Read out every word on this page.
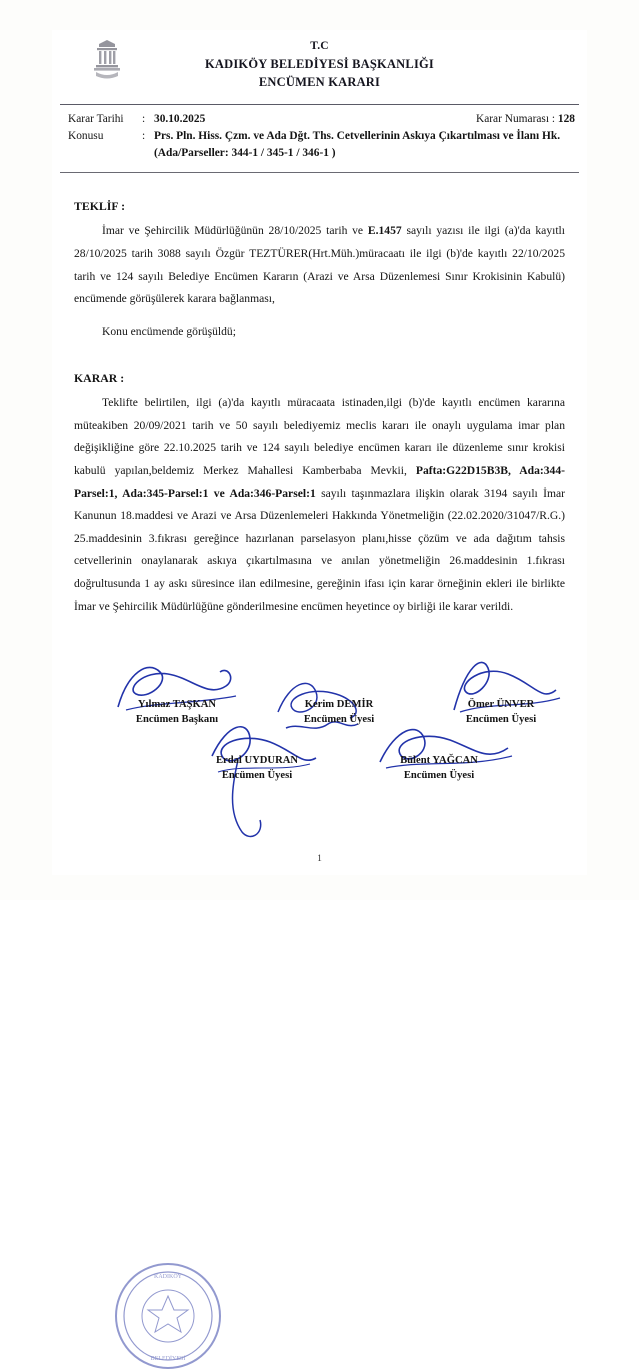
T.C
KADIKÖY BELEDİYESİ BAŞKANLIĞI
ENCÜMEN KARARI
Karar Tarihi	: 30.10.2025	Karar Numarası : 128
Konusu	: Prs. Pln. Hiss. Çzm. ve Ada Dğt. Ths. Cetvellerinin Askıya Çıkartılması ve İlanı Hk. (Ada/Parseller: 344-1 / 345-1 / 346-1 )
TEKLİF :

İmar ve Şehircilik Müdürlüğünün 28/10/2025 tarih ve E.1457 sayılı yazısı ile ilgi (a)'da kayıtlı 28/10/2025 tarih 3088 sayılı Özgür TEZTÜRER(Hrt.Müh.)müracaatı ile ilgi (b)'de kayıtlı 22/10/2025 tarih ve 124 sayılı Belediye Encümen Kararın (Arazi ve Arsa Düzenlemesi Sınır Krokisinin Kabulü) encümende görüşülerek karara bağlanması,

Konu encümende görüşüldü;

KARAR :

Teklifte belirtilen, ilgi (a)'da kayıtlı müracaata istinaden,ilgi (b)'de kayıtlı encümen kararına müteakiben 20/09/2021 tarih ve 50 sayılı belediyemiz meclis kararı ile onaylı uygulama imar plan değişikliğine göre 22.10.2025 tarih ve 124 sayılı belediye encümen kararı ile düzenleme sınır krokisi kabulü yapılan,beldemiz Merkez Mahallesi Kamberbaba Mevkii, Pafta:G22D15B3B, Ada:344-Parsel:1, Ada:345-Parsel:1 ve Ada:346-Parsel:1 sayılı taşınmazlara ilişkin olarak 3194 sayılı İmar Kanunun 18.maddesi ve Arazi ve Arsa Düzenlemeleri Hakkında Yönetmeliğin (22.02.2020/31047/R.G.) 25.maddesinin 3.fıkrası gereğince hazırlanan parselasyon planı,hisse çözüm ve ada dağıtım tahsis cetvellerinin onaylanarak askıya çıkartılmasına ve anılan yönetmeliğin 26.maddesinin 1.fıkrası doğrultusunda 1 ay askı süresince ilan edilmesine, gereğinin ifası için karar örneğinin ekleri ile birlikte İmar ve Şehircilik Müdürlüğüne gönderilmesine encümen heyetince oy birliği ile karar verildi.

KADIKÖY
BELEDİYESİ
Yılmaz TAŞKAN
Encümen Başkanı
Kerim DEMİR
Encümen Üyesi
Ömer ÜNVER
Encümen Üyesi
Erdal UYDURAN
Encümen Üyesi
Bülent YAĞCAN
Encümen Üyesi
1
